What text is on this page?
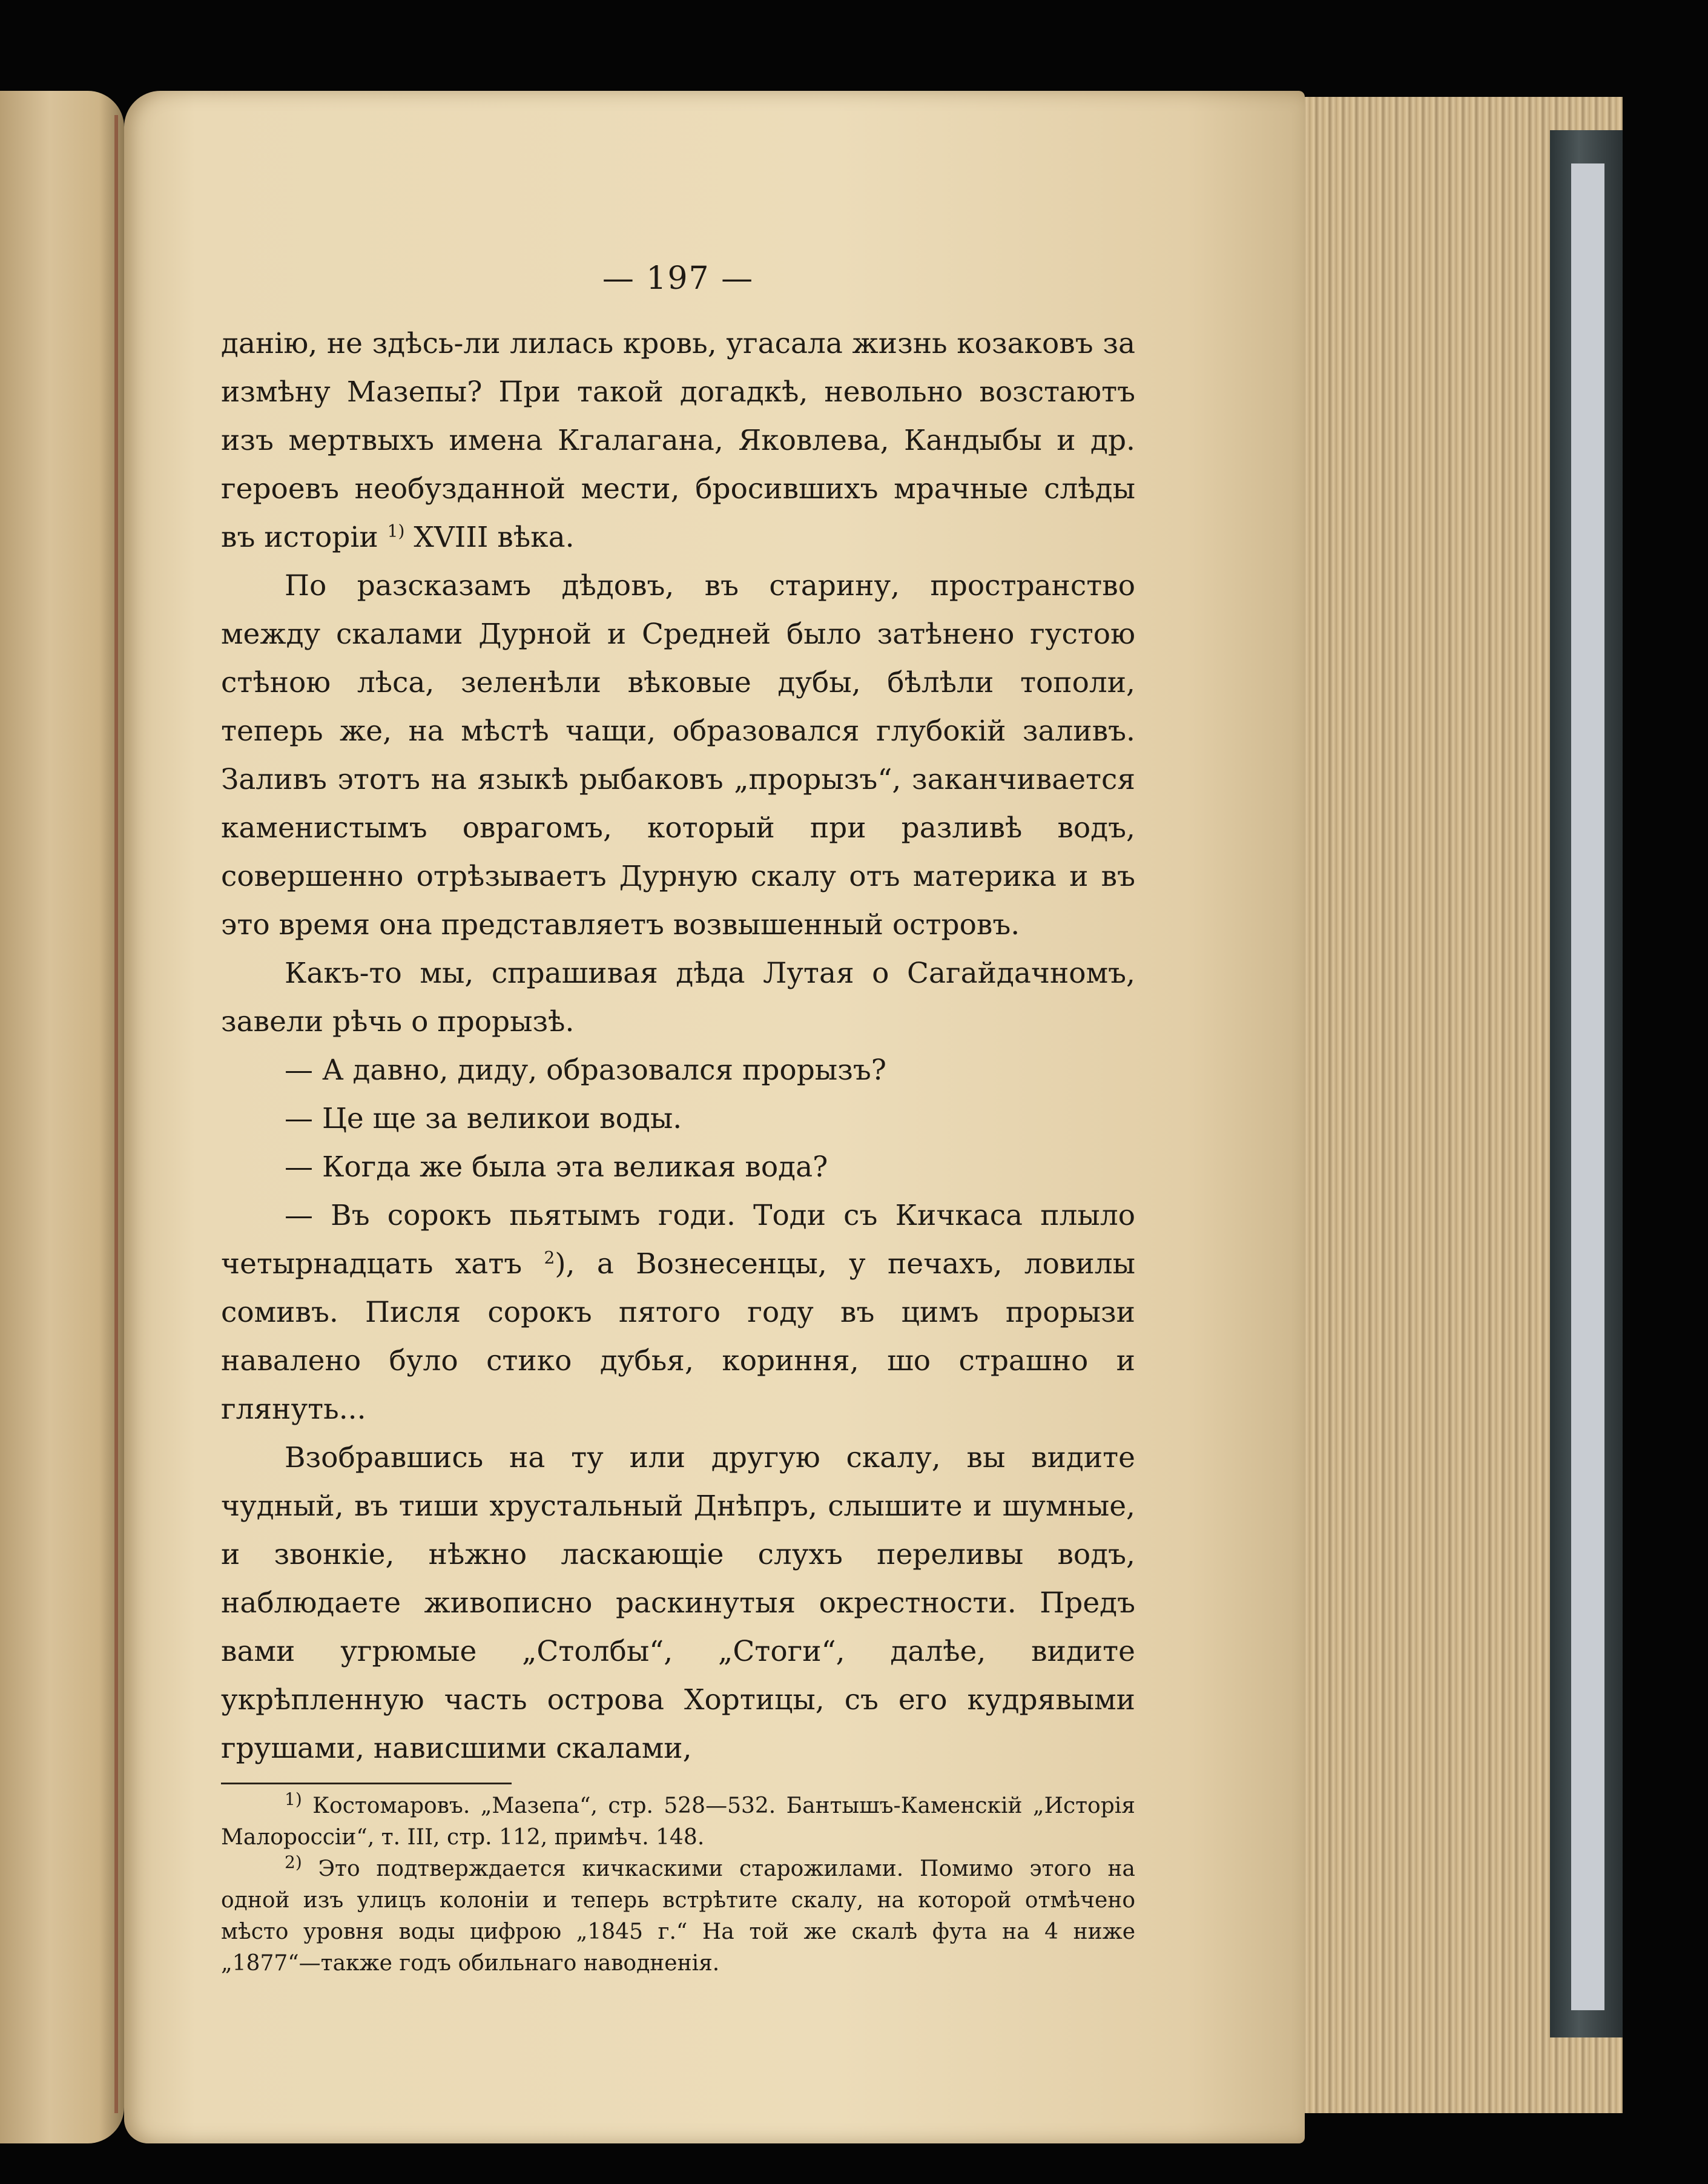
— 197 —

данію, не здѣсь-ли лилась кровь, угасала жизнь козаковъ за измѣну Мазепы? При такой догадкѣ, невольно возстаютъ изъ мертвыхъ имена Кгалагана, Яковлева, Кандыбы и др. героевъ необузданной мести, бросившихъ мрачные слѣды въ исторіи $^{1)}$ XVIII вѣка.

По разсказамъ дѣдовъ, въ старину, пространство между скалами Дурной и Средней было затѣнено густою стѣною лѣса, зеленѣли вѣковые дубы, бѣлѣли тополи, теперь же, на мѣстѣ чащи, образовался глубокій заливъ. Заливъ этотъ на языкѣ рыбаковъ „прорызъ“, заканчивается каменистымъ оврагомъ, который при разливѣ водъ, совершенно отрѣзываетъ Дурную скалу отъ материка и въ это время она представляетъ возвышенный островъ.

Какъ-то мы, спрашивая дѣда Лутая о Сагайдачномъ, завели рѣчь о прорызѣ.

— А давно, диду, образовался прорызъ?

— Це ще за великои воды.

— Когда же была эта великая вода?

— Въ сорокъ пьятымъ годи. Тоди съ Кичкаса плыло четырнадцать хатъ $^2$), а Вознесенцы, у печахъ, ловилы сомивъ. Писля сорокъ пятого году въ цимъ прорызи навалено було стико дубья, кориння, шо страшно и глянуть...

Взобравшись на ту или другую скалу, вы видите чудный, въ тиши хрустальный Днѣпръ, слышите и шумные, и звонкіе, нѣжно ласкающіе слухъ переливы водъ, наблюдаете живописно раскинутыя окрестности. Предъ вами угрюмые „Столбы“, „Стоги“, далѣе, видите укрѣпленную часть острова Хортицы, съ его кудрявыми грушами, нависшими скалами,

$^{1)}$ Костомаровъ. „Мазепа“, стр. 528—532. Бантышъ-Каменскій „Исторія Малороссіи“, т. III, стр. 112, примѣч. 148.

$^{2)}$ Это подтверждается кичкаскими старожилами. Помимо этого на одной изъ улицъ колоніи и теперь встрѣтите скалу, на которой отмѣчено мѣсто уровня воды цифрою „1845 г.“ На той же скалѣ фута на 4 ниже „1877“—также годъ обильнаго наводненія.
